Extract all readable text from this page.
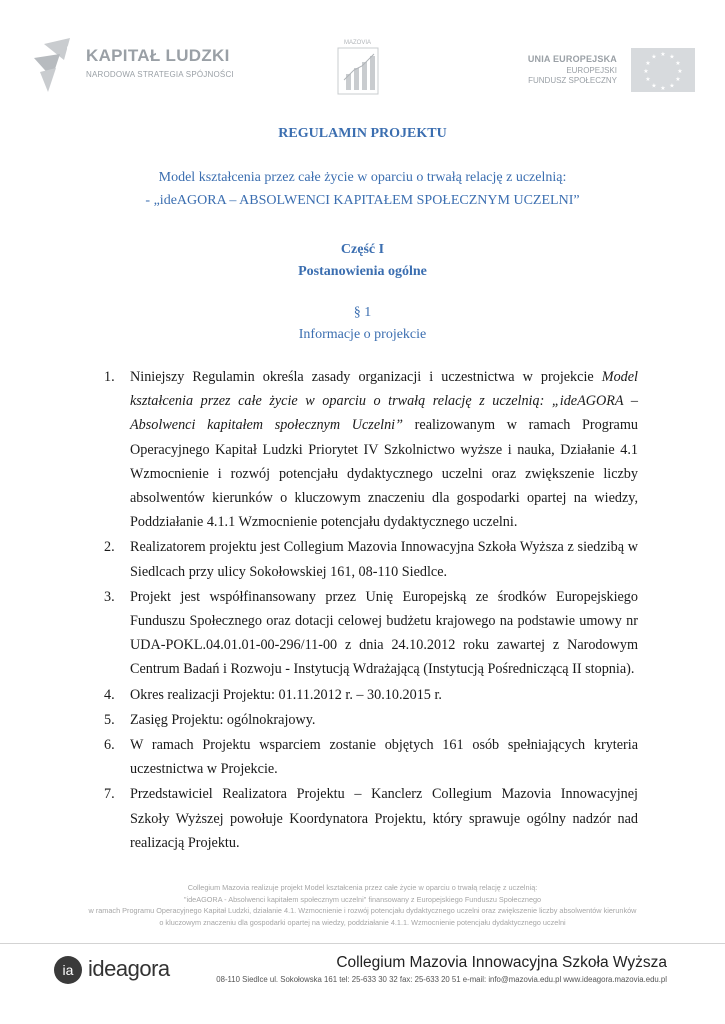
KAPITAŁ LUDZKI
NARODOWA STRATEGIA SPÓJNOŚCI
MAZOVIA
UNIA EUROPEJSKA
EUROPEJSKI
FUNDUSZ SPOŁECZNY
★ ★
★
★
★
★
★
★
★
★
★
★
REGULAMIN PROJEKTU
Model kształcenia przez całe życie w oparciu o trwałą relację z uczelnią:
- „ideAGORA – ABSOLWENCI KAPITAŁEM SPOŁECZNYM UCZELNI”
Część I
Postanowienia ogólne
§ 1
Informacje o projekcie
1. Niniejszy Regulamin określa zasady organizacji i uczestnictwa w projekcie Model kształcenia przez całe życie w oparciu o trwałą relację z uczelnią: „ideAGORA – Absolwenci kapitałem społecznym Uczelni” realizowanym w ramach Programu Operacyjnego Kapitał Ludzki Priorytet IV Szkolnictwo wyższe i nauka, Działanie 4.1 Wzmocnienie i rozwój potencjału dydaktycznego uczelni oraz zwiększenie liczby absolwentów kierunków o kluczowym znaczeniu dla gospodarki opartej na wiedzy, Poddziałanie 4.1.1 Wzmocnienie potencjału dydaktycznego uczelni.
2. Realizatorem projektu jest Collegium Mazovia Innowacyjna Szkoła Wyższa z siedzibą w Siedlcach przy ulicy Sokołowskiej 161, 08-110 Siedlce.
3. Projekt jest współfinansowany przez Unię Europejską ze środków Europejskiego Funduszu Społecznego oraz dotacji celowej budżetu krajowego na podstawie umowy nr UDA-POKL.04.01.01-00-296/11-00 z dnia 24.10.2012 roku zawartej z Narodowym Centrum Badań i Rozwoju - Instytucją Wdrażającą (Instytucją Pośredniczącą II stopnia).
4. Okres realizacji Projektu: 01.11.2012 r. – 30.10.2015 r.
5. Zasięg Projektu: ogólnokrajowy.
6. W ramach Projektu wsparciem zostanie objętych 161 osób spełniających kryteria uczestnictwa w Projekcie.
7. Przedstawiciel Realizatora Projektu – Kanclerz Collegium Mazovia Innowacyjnej Szkoły Wyższej powołuje Koordynatora Projektu, który sprawuje ogólny nadzór nad realizacją Projektu.
Collegium Mazovia realizuje projekt Model kształcenia przez całe życie w oparciu o trwałą relację z uczelnią:
"ideAGORA - Absolwenci kapitałem społecznym uczelni" finansowany z Europejskiego Funduszu Społecznego
w ramach Programu Operacyjnego Kapitał Ludzki, działanie 4.1. Wzmocnienie i rozwój potencjału dydaktycznego uczelni oraz zwiększenie liczby absolwentów kierunków
o kluczowym znaczeniu dla gospodarki opartej na wiedzy, poddziałanie 4.1.1. Wzmocnienie potencjału dydaktycznego uczelni
ia ideagora	Collegium Mazovia Innowacyjna Szkoła Wyższa
08-110 Siedlce ul. Sokołowska 161 tel: 25-633 30 32 fax: 25-633 20 51 e-mail: info@mazovia.edu.pl www.ideagora.mazovia.edu.pl
